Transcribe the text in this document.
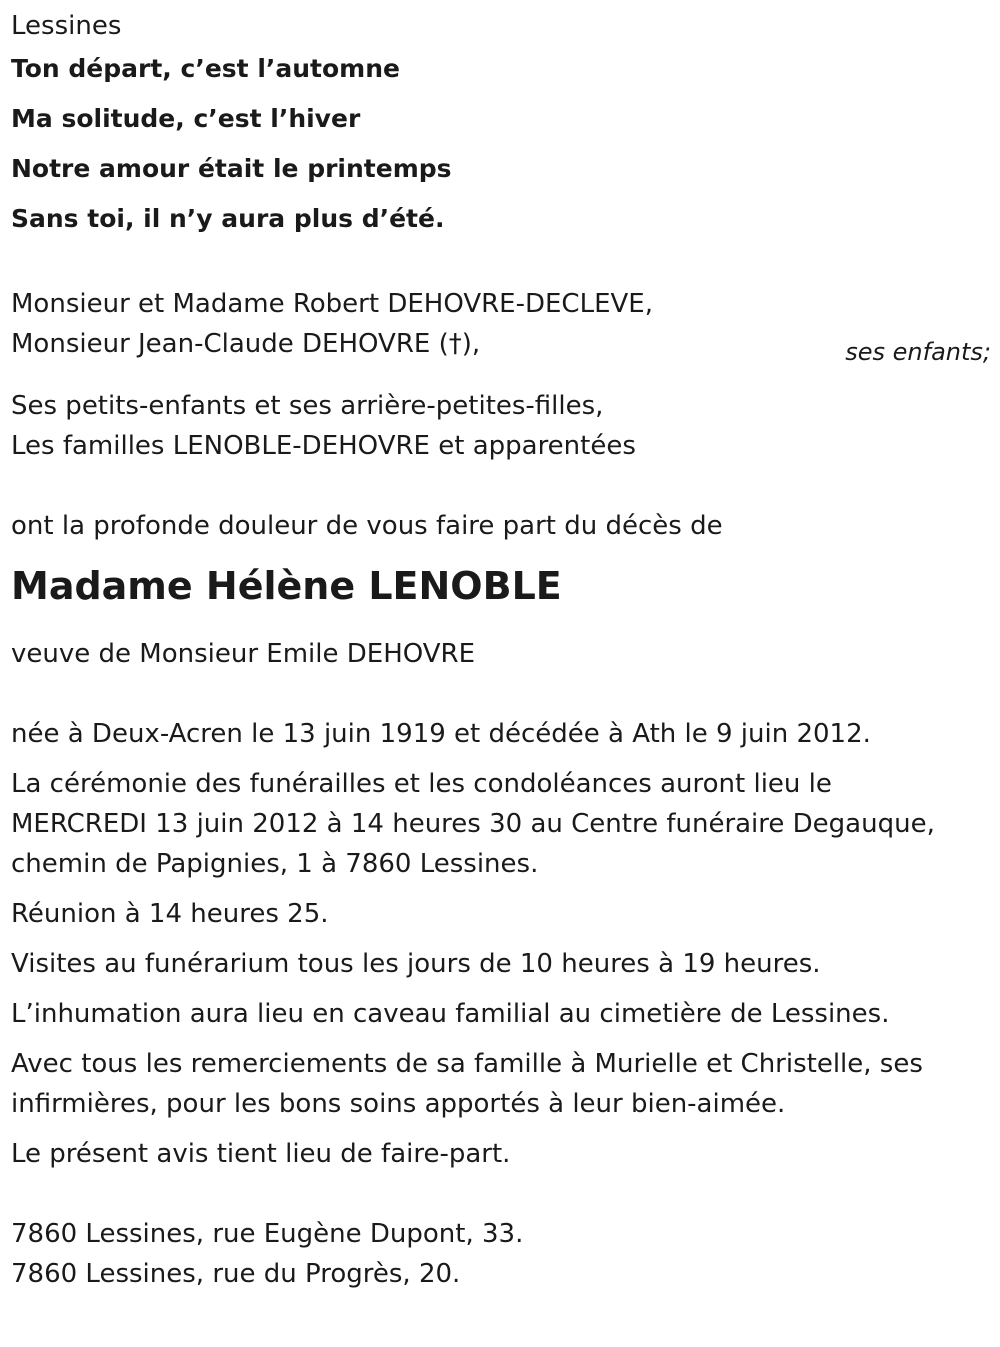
Lessines
Ton départ, c’est l’automne
Ma solitude, c’est l’hiver
Notre amour était le printemps
Sans toi, il n’y aura plus d’été.
Monsieur et Madame Robert DEHOVRE-DECLEVE,
Monsieur Jean-Claude DEHOVRE (†),	ses enfants;
Ses petits-enfants et ses arrière-petites-filles,
Les familles LENOBLE-DEHOVRE et apparentées
ont la profonde douleur de vous faire part du décès de
Madame Hélène LENOBLE
veuve de Monsieur Emile DEHOVRE
née à Deux-Acren le 13 juin 1919 et décédée à Ath le 9 juin 2012.
La cérémonie des funérailles et les condoléances auront lieu le
MERCREDI 13 juin 2012 à 14 heures 30 au Centre funéraire Degauque,
chemin de Papignies, 1 à 7860 Lessines.
Réunion à 14 heures 25.
Visites au funérarium tous les jours de 10 heures à 19 heures.
L’inhumation aura lieu en caveau familial au cimetière de Lessines.
Avec tous les remerciements de sa famille à Murielle et Christelle, ses
infirmières, pour les bons soins apportés à leur bien-aimée.
Le présent avis tient lieu de faire-part.
7860 Lessines, rue Eugène Dupont, 33.
7860 Lessines, rue du Progrès, 20.
